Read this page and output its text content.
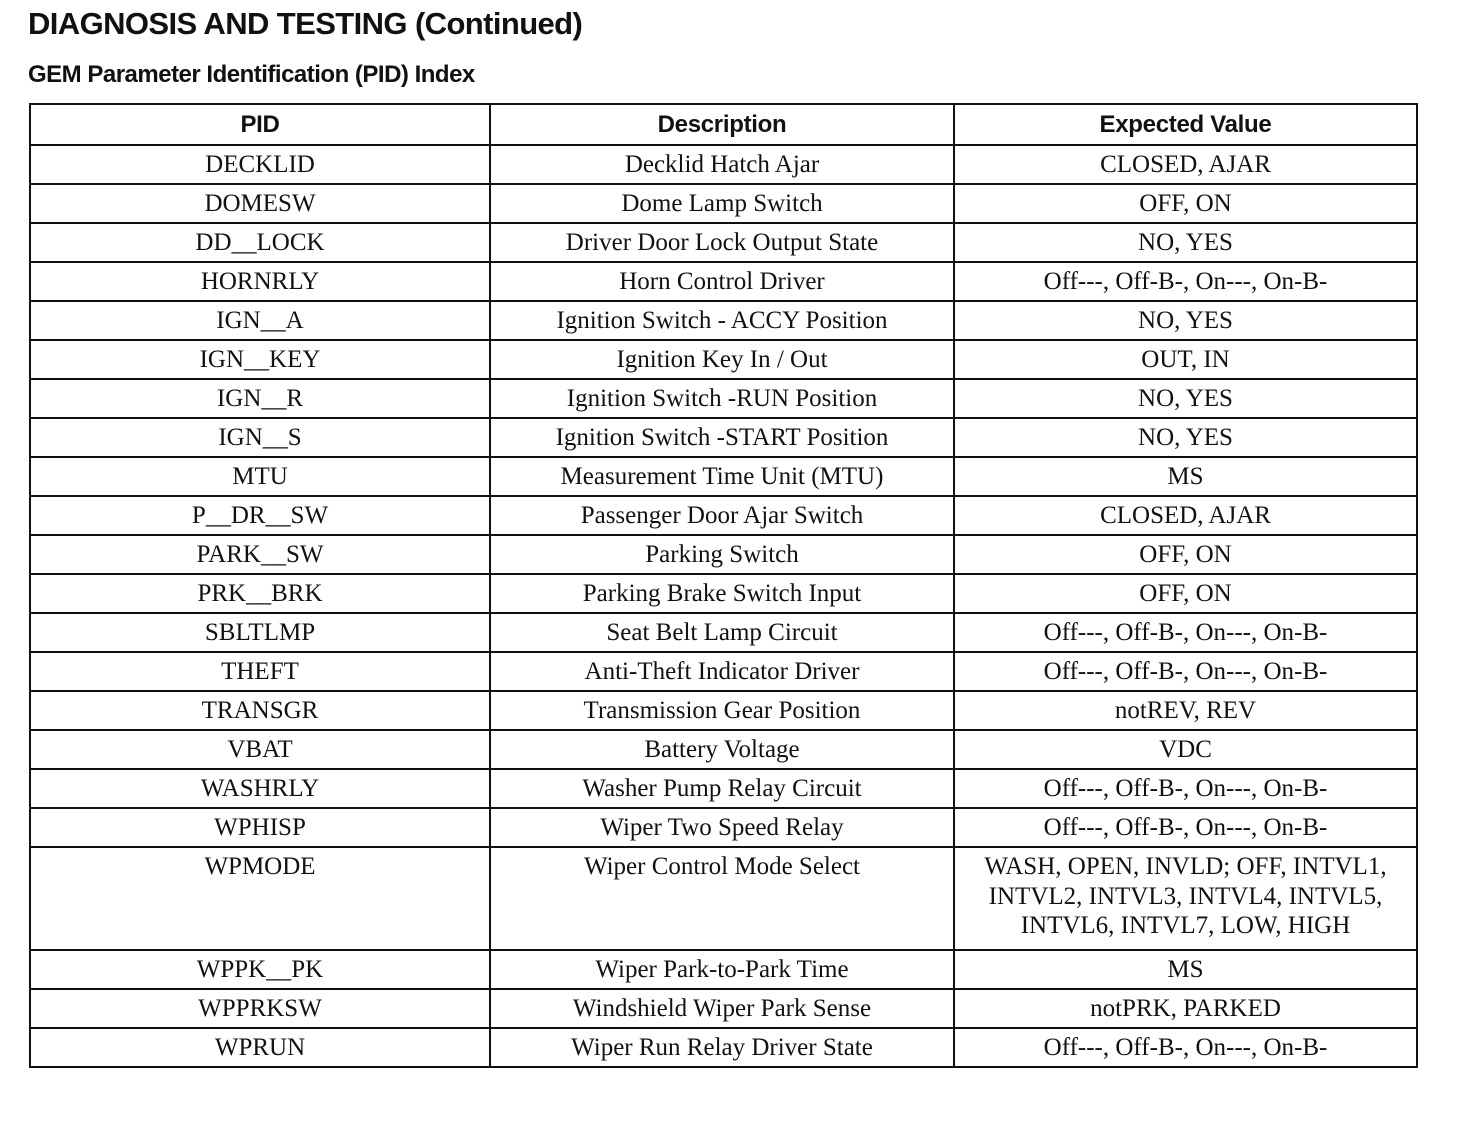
DIAGNOSIS AND TESTING (Continued)
GEM Parameter Identification (PID) Index
PID	Description	Expected Value
DECKLID	Decklid Hatch Ajar	CLOSED, AJAR
DOMESW	Dome Lamp Switch	OFF, ON
DD__LOCK	Driver Door Lock Output State	NO, YES
HORNRLY	Horn Control Driver	Off---, Off-B-, On---, On-B-
IGN__A	Ignition Switch - ACCY Position	NO, YES
IGN__KEY	Ignition Key In / Out	OUT, IN
IGN__R	Ignition Switch -RUN Position	NO, YES
IGN__S	Ignition Switch -START Position	NO, YES
MTU	Measurement Time Unit (MTU)	MS
P__DR__SW	Passenger Door Ajar Switch	CLOSED, AJAR
PARK__SW	Parking Switch	OFF, ON
PRK__BRK	Parking Brake Switch Input	OFF, ON
SBLTLMP	Seat Belt Lamp Circuit	Off---, Off-B-, On---, On-B-
THEFT	Anti-Theft Indicator Driver	Off---, Off-B-, On---, On-B-
TRANSGR	Transmission Gear Position	notREV, REV
VBAT	Battery Voltage	VDC
WASHRLY	Washer Pump Relay Circuit	Off---, Off-B-, On---, On-B-
WPHISP	Wiper Two Speed Relay	Off---, Off-B-, On---, On-B-
WPMODE	Wiper Control Mode Select	WASH, OPEN, INVLD; OFF, INTVL1,
INTVL2, INTVL3, INTVL4, INTVL5,
INTVL6, INTVL7, LOW, HIGH

WPPK__PK	Wiper Park-to-Park Time	MS
WPPRKSW	Windshield Wiper Park Sense	notPRK, PARKED
WPRUN	Wiper Run Relay Driver State	Off---, Off-B-, On---, On-B-
